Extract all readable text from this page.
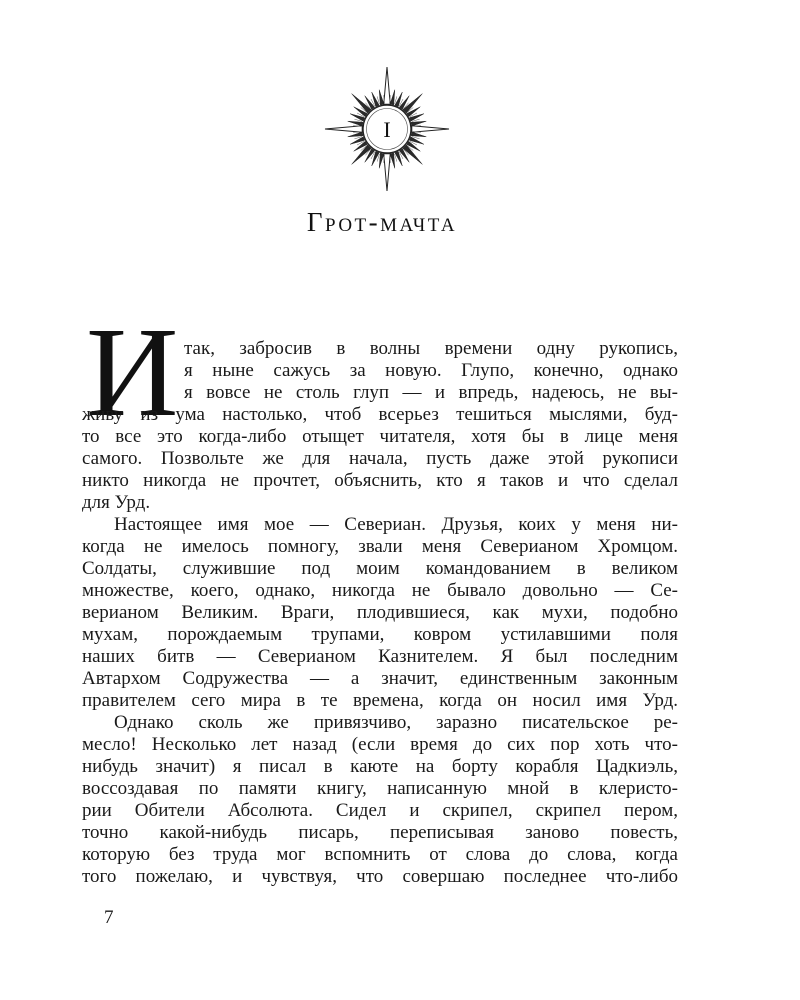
I
Грот-мачта
И так, забросив в волны времени одну рукопись,
я ныне сажусь за новую. Глупо, конечно, однако
я вовсе не столь глуп — и впредь, надеюсь, не вы-
живу из ума настолько, чтоб всерьез тешиться мыслями, буд-
то все это когда-либо отыщет читателя, хотя бы в лице меня
самого. Позвольте же для начала, пусть даже этой рукописи
никто никогда не прочтет, объяснить, кто я таков и что сделал
для Урд.
Настоящее имя мое — Севериан. Друзья, коих у меня ни-
когда не имелось помногу, звали меня Северианом Хромцом.
Солдаты, служившие под моим командованием в великом
множестве, коего, однако, никогда не бывало довольно — Се-
верианом Великим. Враги, плодившиеся, как мухи, подобно
мухам, порождаемым трупами, ковром устилавшими поля
наших битв — Северианом Казнителем. Я был последним
Автархом Содружества — а значит, единственным законным
правителем сего мира в те времена, когда он носил имя Урд.
Однако сколь же привязчиво, заразно писательское ре-
месло! Несколько лет назад (если время до сих пор хоть что-
нибудь значит) я писал в каюте на борту корабля Цадкиэль,
воссоздавая по памяти книгу, написанную мной в клеристо-
рии Обители Абсолюта. Сидел и скрипел, скрипел пером,
точно какой-нибудь писарь, переписывая заново повесть,
которую без труда мог вспомнить от слова до слова, когда
того пожелаю, и чувствуя, что совершаю последнее что-либо
7
